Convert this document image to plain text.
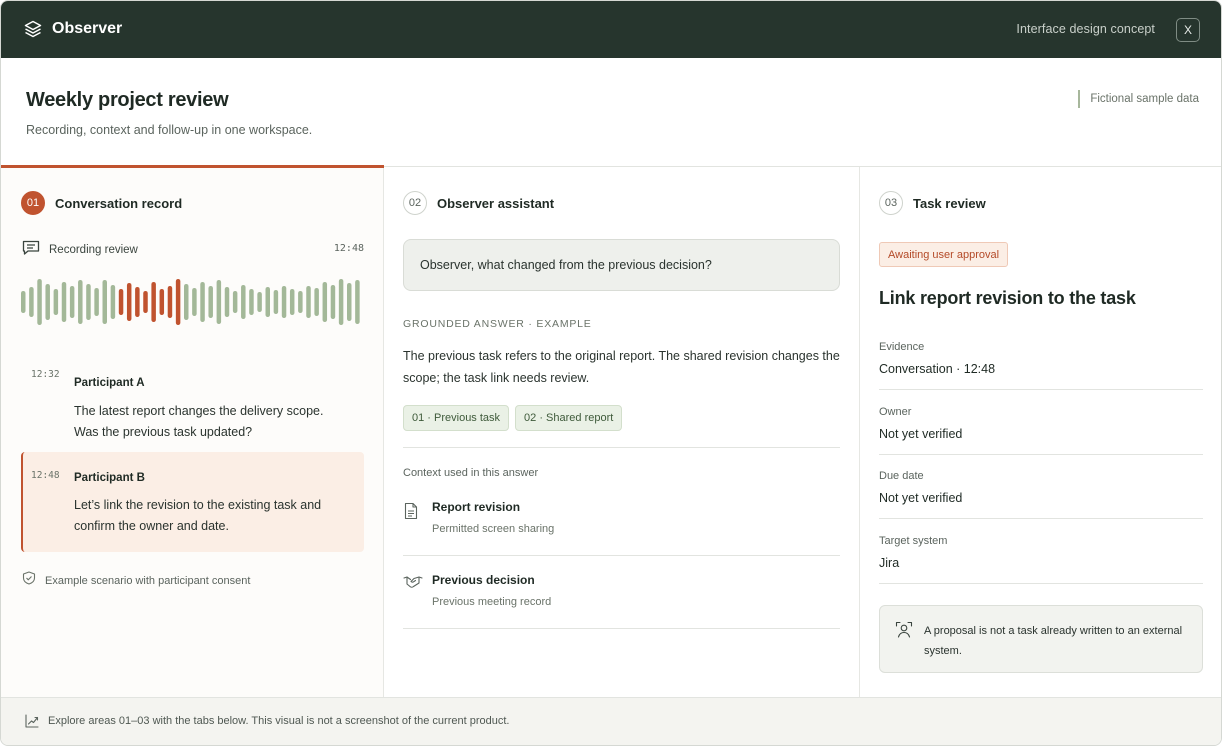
Observer	Interface design concept	X
Weekly project review

Recording, context and follow-up in one workspace.

Fictional sample data
01	Conversation record
Recording review	12:48
12:32
Participant A

The latest report changes the delivery scope. Was the previous task updated?

12:48 Participant B

Let’s link the revision to the existing task and confirm the owner and date.

Example scenario with participant consent
02	Observer assistant
Observer, what changed from the previous decision?
GROUNDED ANSWER · EXAMPLE

The previous task refers to the original report. The shared revision changes the scope; the task link needs review.

01 · Previous task	02 · Shared report
Context used in this answer
Report revision
Permitted screen sharing
Previous decision
Previous meeting record
03	Task review
Awaiting user approval
Link report revision to the task
Evidence
Conversation · 12:48
Owner
Not yet verified
Due date
Not yet verified
Target system
Jira

A proposal is not a task already written to an external system.

Explore areas 01–03 with the tabs below. This visual is not a screenshot of the current product.
